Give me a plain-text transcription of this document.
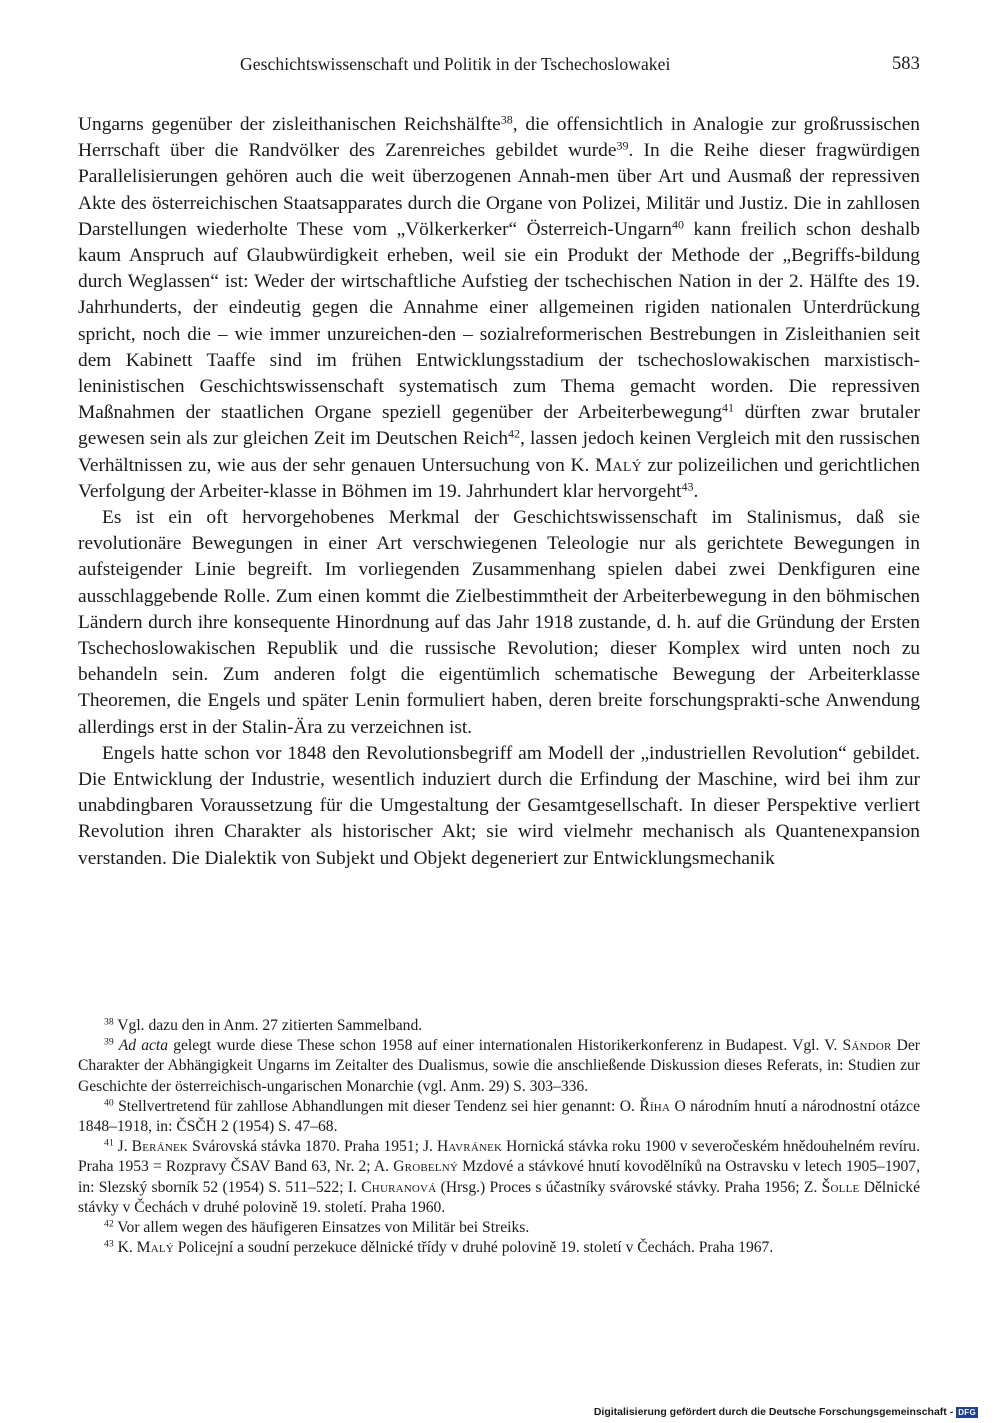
Geschichtswissenschaft und Politik in der Tschechoslowakei	583

Ungarns gegenüber der zisleithanischen Reichshälfte$^{38}$, die offensichtlich in Analogie zur großrussischen Herrschaft über die Randvölker des Zarenreiches gebildet wurde$^{39}$. In die Reihe dieser fragwürdigen Parallelisierungen gehören auch die weit überzogenen Annah-men über Art und Ausmaß der repressiven Akte des österreichischen Staatsapparates durch die Organe von Polizei, Militär und Justiz. Die in zahllosen Darstellungen wiederholte These vom „Völkerkerker“ Österreich-Ungarn$^{40}$ kann freilich schon deshalb kaum Anspruch auf Glaubwürdigkeit erheben, weil sie ein Produkt der Methode der „Begriffs-bildung durch Weglassen“ ist: Weder der wirtschaftliche Aufstieg der tschechischen Nation in der 2. Hälfte des 19. Jahrhunderts, der eindeutig gegen die Annahme einer allgemeinen rigiden nationalen Unterdrückung spricht, noch die – wie immer unzureichen-den – sozialreformerischen Bestrebungen in Zisleithanien seit dem Kabinett Taaffe sind im frühen Entwicklungsstadium der tschechoslowakischen marxistisch-leninistischen Geschichtswissenschaft systematisch zum Thema gemacht worden. Die repressiven Maßnahmen der staatlichen Organe speziell gegenüber der Arbeiterbewegung$^{41}$ dürften zwar brutaler gewesen sein als zur gleichen Zeit im Deutschen Reich$^{42}$, lassen jedoch keinen Vergleich mit den russischen Verhältnissen zu, wie aus der sehr genauen Untersuchung von K. Malý zur polizeilichen und gerichtlichen Verfolgung der Arbeiter-klasse in Böhmen im 19. Jahrhundert klar hervorgeht$^{43}$.

Es ist ein oft hervorgehobenes Merkmal der Geschichtswissenschaft im Stalinismus, daß sie revolutionäre Bewegungen in einer Art verschwiegenen Teleologie nur als gerichtete Bewegungen in aufsteigender Linie begreift. Im vorliegenden Zusammenhang spielen dabei zwei Denkfiguren eine ausschlaggebende Rolle. Zum einen kommt die Zielbestimmtheit der Arbeiterbewegung in den böhmischen Ländern durch ihre konsequente Hinordnung auf das Jahr 1918 zustande, d. h. auf die Gründung der Ersten Tschechoslowakischen Republik und die russische Revolution; dieser Komplex wird unten noch zu behandeln sein. Zum anderen folgt die eigentümlich schematische Bewegung der Arbeiterklasse Theoremen, die Engels und später Lenin formuliert haben, deren breite forschungsprakti-sche Anwendung allerdings erst in der Stalin-Ära zu verzeichnen ist.

Engels hatte schon vor 1848 den Revolutionsbegriff am Modell der „industriellen Revolution“ gebildet. Die Entwicklung der Industrie, wesentlich induziert durch die Erfindung der Maschine, wird bei ihm zur unabdingbaren Voraussetzung für die Umgestaltung der Gesamtgesellschaft. In dieser Perspektive verliert Revolution ihren Charakter als historischer Akt; sie wird vielmehr mechanisch als Quantenexpansion verstanden. Die Dialektik von Subjekt und Objekt degeneriert zur Entwicklungsmechanik

$^{38}$ Vgl. dazu den in Anm. 27 zitierten Sammelband.

$^{39}$ Ad acta gelegt wurde diese These schon 1958 auf einer internationalen Historikerkonferenz in Budapest. Vgl. V. Sándor Der Charakter der Abhängigkeit Ungarns im Zeitalter des Dualismus, sowie die anschließende Diskussion dieses Referats, in: Studien zur Geschichte der österreichisch-ungarischen Monarchie (vgl. Anm. 29) S. 303–336.

$^{40}$ Stellvertretend für zahllose Abhandlungen mit dieser Tendenz sei hier genannt: O. Říha O národním hnutí a národnostní otázce 1848–1918, in: ČSČH 2 (1954) S. 47–68.

$^{41}$ J. Beránek Svárovská stávka 1870. Praha 1951; J. Havránek Hornická stávka roku 1900 v severočeském hnědouhelném revíru. Praha 1953 = Rozpravy ČSAV Band 63, Nr. 2; A. Grobelný Mzdové a stávkové hnutí kovodělníků na Ostravsku v letech 1905–1907, in: Slezský sborník 52 (1954) S. 511–522; I. Churanová (Hrsg.) Proces s účastníky svárovské stávky. Praha 1956; Z. Šolle Dělnické stávky v Čechách v druhé polovině 19. století. Praha 1960.

$^{42}$ Vor allem wegen des häufigeren Einsatzes von Militär bei Streiks.

$^{43}$ K. Malý Policejní a soudní perzekuce dělnické třídy v druhé polovině 19. století v Čechách. Praha 1967.

Digitalisierung gefördert durch die Deutsche Forschungsgemeinschaft - DFG
